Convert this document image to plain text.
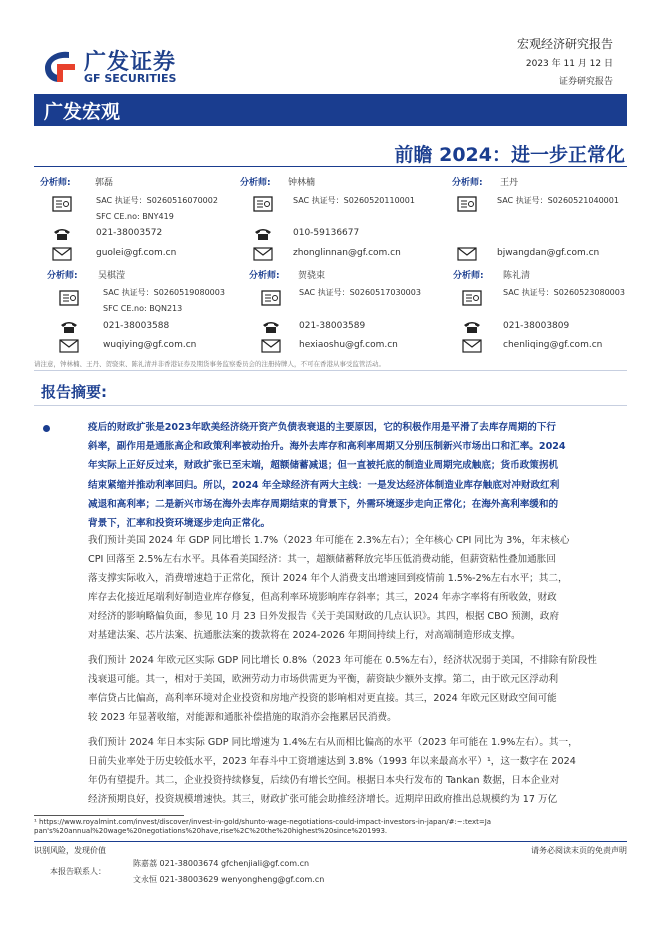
广发证券
GF SECURITIES
宏观经济研究报告
2023 年 11 月 12 日
证券研究报告
广发宏观
前瞻 2024：进一步正常化
分析师:	郭磊
SAC 执证号：S0260516070002
SFC CE.no: BNY419
021-38003572
guolei@gf.com.cn
分析师: 钟林楠
SAC 执证号：S0260520110001
010-59136677
zhonglinnan@gf.com.cn
分析师: 王丹
SAC 执证号：S0260521040001
bjwangdan@gf.com.cn
分析师: 吴棋滢
SAC 执证号：S0260519080003
SFC CE.no: BQN213
021-38003588
wuqiying@gf.com.cn
分析师: 贺骁束
SAC 执证号：S0260517030003
021-38003589
hexiaoshu@gf.com.cn
分析师: 陈礼清
SAC 执证号：S0260523080003
021-38003809
chenliqing@gf.com.cn
请注意，钟林楠、王丹、贺骁束、陈礼清并非香港证券及期货事务监察委员会的注册持牌人，不可在香港从事受监管活动。
报告摘要:
疫后的财政扩张是2023年欧美经济绕开资产负债表衰退的主要原因，它的积极作用是平滑了去库存周期的下行
斜率，副作用是通胀高企和政策利率被动抬升。海外去库存和高利率周期又分别压制新兴市场出口和汇率。2024
年实际上正好反过来，财政扩张已至末端，超额储蓄减退；但一直被托底的制造业周期完成触底；货币政策拐机
结束紧缩并推动利率回归。所以，2024 年全球经济有两大主线：一是发达经济体制造业库存触底对冲财政红利
减退和高利率；二是新兴市场在海外去库存周期结束的背景下，外需环境逐步走向正常化；在海外高利率缓和的
背景下，汇率和投资环境逐步走向正常化。
我们预计美国 2024 年 GDP 同比增长 1.7%（2023 年可能在 2.3%左右）；全年核心 CPI 同比为 3%，年末核心
CPI 回落至 2.5%左右水平。具体看美国经济：其一，超额储蓄释放完毕压低消费动能，但薪资粘性叠加通胀回
落支撑实际收入，消费增速趋于正常化，预计 2024 年个人消费支出增速回到疫情前 1.5%-2%左右水平；其二，
库存去化接近尾端利好制造业库存修复，但高利率环境影响库存斜率；其三，2024 年赤字率将有所收敛，财政
对经济的影响略偏负面，参见 10 月 23 日外发报告《关于美国财政的几点认识》。其四，根据 CBO 预测，政府
对基建法案、芯片法案、抗通胀法案的拨款将在 2024-2026 年期间持续上行，对高端制造形成支撑。
我们预计 2024 年欧元区实际 GDP 同比增长 0.8%（2023 年可能在 0.5%左右），经济状况弱于美国，不排除有阶段性
浅衰退可能。其一，相对于美国，欧洲劳动力市场供需更为平衡，薪资缺少额外支撑。第二，由于欧元区浮动利
率信贷占比偏高，高利率环境对企业投资和房地产投资的影响相对更直接。其三，2024 年欧元区财政空间可能
较 2023 年显著收缩，对能源和通胀补偿措施的取消亦会拖累居民消费。
我们预计 2024 年日本实际 GDP 同比增速为 1.4%左右从而相比偏高的水平（2023 年可能在 1.9%左右）。其一，
日前失业率处于历史较低水平，2023 年春斗中工资增速达到 3.8%（1993 年以来最高水平）¹，这一数字在 2024
年仍有望提升。其二，企业投资持续修复，后续仍有增长空间。根据日本央行发布的 Tankan 数据，日本企业对
经济预期良好，投资规模增速快。其三，财政扩张可能会助推经济增长。近期岸田政府推出总规模约为 17 万亿
¹ https://www.royalmint.com/invest/discover/invest-in-gold/shunto-wage-negotiations-could-impact-investors-in-japan/#:~:text=Japan's%20annual%20wage%20negotiations%20have,rise%2C%20the%20highest%20since%201993.
识别风险，发现价值	请务必阅读末页的免责声明
本报告联系人：
陈嘉荔 021-38003674 gfchenjiali@gf.com.cn
文永恒 021-38003629 wenyongheng@gf.com.cn
